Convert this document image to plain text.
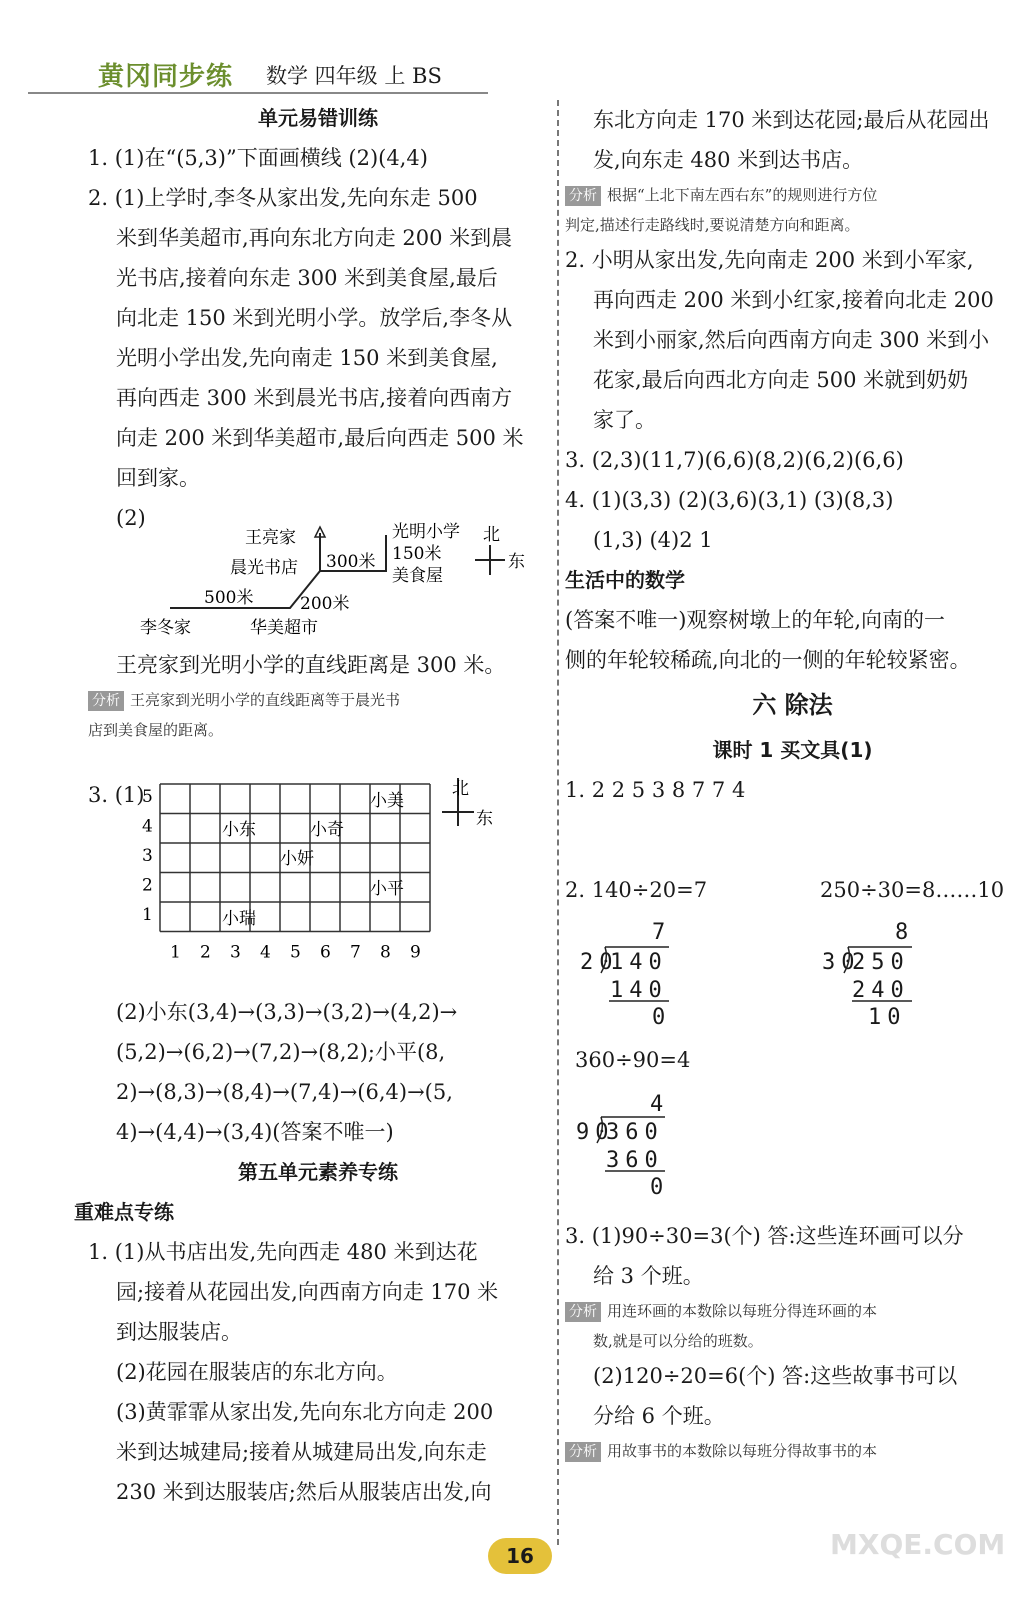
黄冈同步练 数学 四年级 上 BS

单元易错训练

1. (1)在“(5,3)”下面画横线 (2)(4,4)

2. (1)上学时,李冬从家出发,先向东走 500

米到华美超市,再向东北方向走 200 米到晨

光书店,接着向东走 300 米到美食屋,最后

向北走 150 米到光明小学。放学后,李冬从

光明小学出发,先向南走 150 米到美食屋,

再向西走 300 米到晨光书店,接着向西南方

向走 200 米到华美超市,最后向西走 500 米

回到家。

(2)

王亮家	光明小学 北
东
晨光书店 300米 150米
美食屋
500米	200米
李冬家	华美超市

王亮家到光明小学的直线距离是 300 米。

分析 王亮家到光明小学的直线距离等于晨光书

店到美食屋的距离。

3. (1)
5
4
3
2
1
1 2 3 4 5 6 7 8 9
北
东
小美
小东	小奇
小妍
小平
小瑞

(2)小东(3,4)→(3,3)→(3,2)→(4,2)→

(5,2)→(6,2)→(7,2)→(8,2);小平(8,

2)→(8,3)→(8,4)→(7,4)→(6,4)→(5,

4)→(4,4)→(3,4)(答案不唯一)

第五单元素养专练

重难点专练

1. (1)从书店出发,先向西走 480 米到达花

园;接着从花园出发,向西南方向走 170 米

到达服装店。

(2)花园在服装店的东北方向。

(3)黄霏霏从家出发,先向东北方向走 200

米到达城建局;接着从城建局出发,向东走

230 米到达服装店;然后从服装店出发,向

东北方向走 170 米到达花园;最后从花园出

发,向东走 480 米到达书店。

分析 根据“上北下南左西右东”的规则进行方位

判定,描述行走路线时,要说清楚方向和距离。

2. 小明从家出发,先向南走 200 米到小军家,

再向西走 200 米到小红家,接着向北走 200

米到小丽家,然后向西南方向走 300 米到小

花家,最后向西北方向走 500 米就到奶奶

家了。

3. (2,3)(11,7)(6,6)(8,2)(6,2)(6,6)

4. (1)(3,3) (2)(3,6)(3,1) (3)(8,3)

(1,3) (4)2 1

生活中的数学

(答案不唯一)观察树墩上的年轮,向南的一

侧的年轮较稀疏,向北的一侧的年轮较紧密。

六 除法

课时 1 买文具(1)

1. 2 2 5 3 8 7 7 4

2. 140÷20=7	250÷30=8……10
7
20
140
140
0
8
30
250
240
10
360÷90=4
4
90
360
360
0

3. (1)90÷30=3(个) 答:这些连环画可以分

给 3 个班。

分析 用连环画的本数除以每班分得连环画的本

数,就是可以分给的班数。

(2)120÷20=6(个) 答:这些故事书可以

分给 6 个班。

分析 用故事书的本数除以每班分得故事书的本

16	MXQE.COM
